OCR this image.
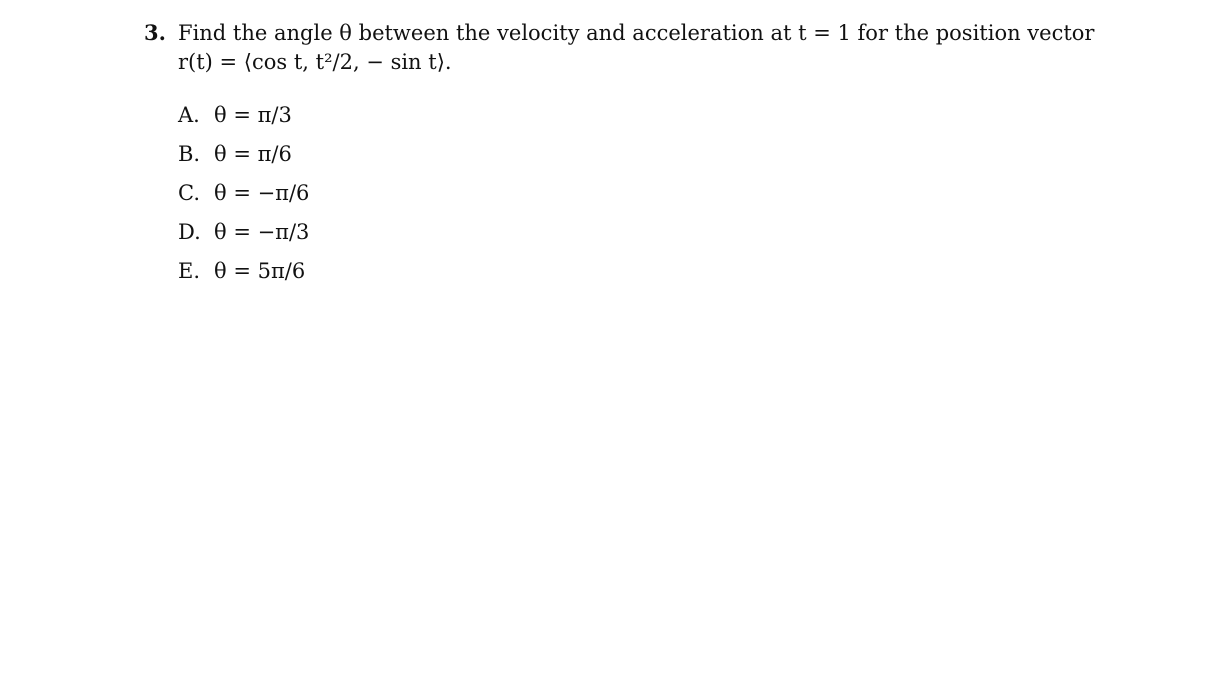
3. Find the angle θ between the velocity and acceleration at t = 1 for the position vector
r(t) = ⟨cos t, t²/2, − sin t⟩.
A. θ = π/3
B. θ = π/6
C. θ = −π/6
D. θ = −π/3
E. θ = 5π/6
